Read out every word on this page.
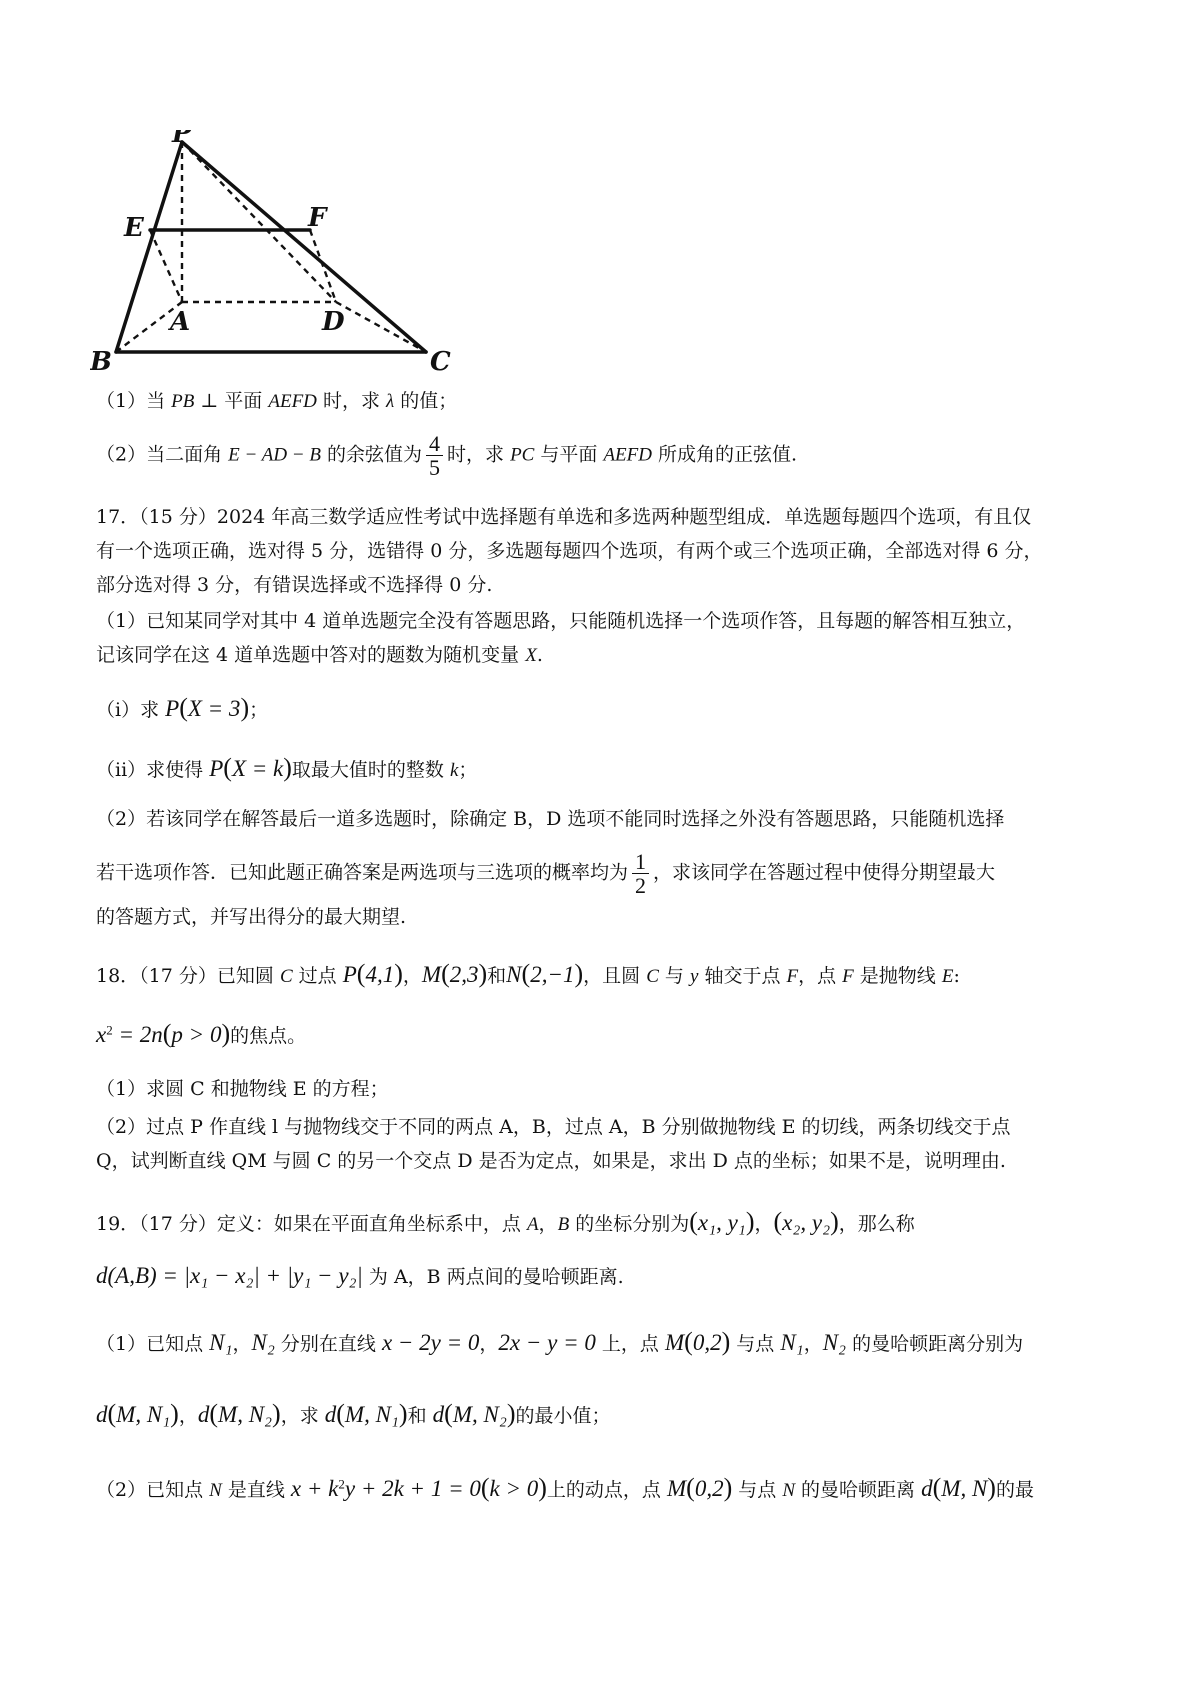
P
E	F
A	D
B	C
（1）当 PB ⊥ 平面 AEFD 时，求 λ 的值；
（2）当二面角 E − AD − B 的余弦值为 $\frac{4}{5}$ 时，求 PC 与平面 AEFD 所成角的正弦值.
17．（15 分）2024 年高三数学适应性考试中选择题有单选和多选两种题型组成．单选题每题四个选项，有且仅
有一个选项正确，选对得 5 分，选错得 0 分，多选题每题四个选项，有两个或三个选项正确，全部选对得 6 分，
部分选对得 3 分，有错误选择或不选择得 0 分.
（1）已知某同学对其中 4 道单选题完全没有答题思路，只能随机选择一个选项作答，且每题的解答相互独立，
记该同学在这 4 道单选题中答对的题数为随机变量 X.
（i）求 P(X = 3)；
（ii）求使得 P(X = k)取最大值时的整数 k；
（2）若该同学在解答最后一道多选题时，除确定 B，D 选项不能同时选择之外没有答题思路，只能随机选择
若干选项作答．已知此题正确答案是两选项与三选项的概率均为 $\frac{1}{2}$ ，求该同学在答题过程中使得分期望最大
的答题方式，并写出得分的最大期望.
18．（17 分）已知圆 C 过点 P(4,1)，M(2,3)和N(2,−1)，且圆 C 与 y 轴交于点 F，点 F 是抛物线 E:
$x^2 = 2n(p > 0)$的焦点。
（1）求圆 C 和抛物线 E 的方程；
（2）过点 P 作直线 l 与抛物线交于不同的两点 A，B，过点 A，B 分别做抛物线 E 的切线，两条切线交于点
Q，试判断直线 QM 与圆 C 的另一个交点 D 是否为定点，如果是，求出 D 点的坐标；如果不是，说明理由.
19．（17 分）定义：如果在平面直角坐标系中，点 A，B 的坐标分别为(x₁, y₁)，(x₂, y₂)，那么称
d(A,B) = |x₁ − x₂| + |y₁ − y₂| 为 A，B 两点间的曼哈顿距离.
（1）已知点 N₁，N₂ 分别在直线 x − 2y = 0，2x − y = 0 上，点 M(0,2) 与点 N₁，N₂ 的曼哈顿距离分别为
d(M, N₁)，d(M, N₂)，求 d(M, N₁)和 d(M, N₂)的最小值；
（2）已知点 N 是直线 $x + k^2y + 2k + 1 = 0(k > 0)$上的动点，点 M(0,2) 与点 N 的曼哈顿距离 d(M, N)的最
